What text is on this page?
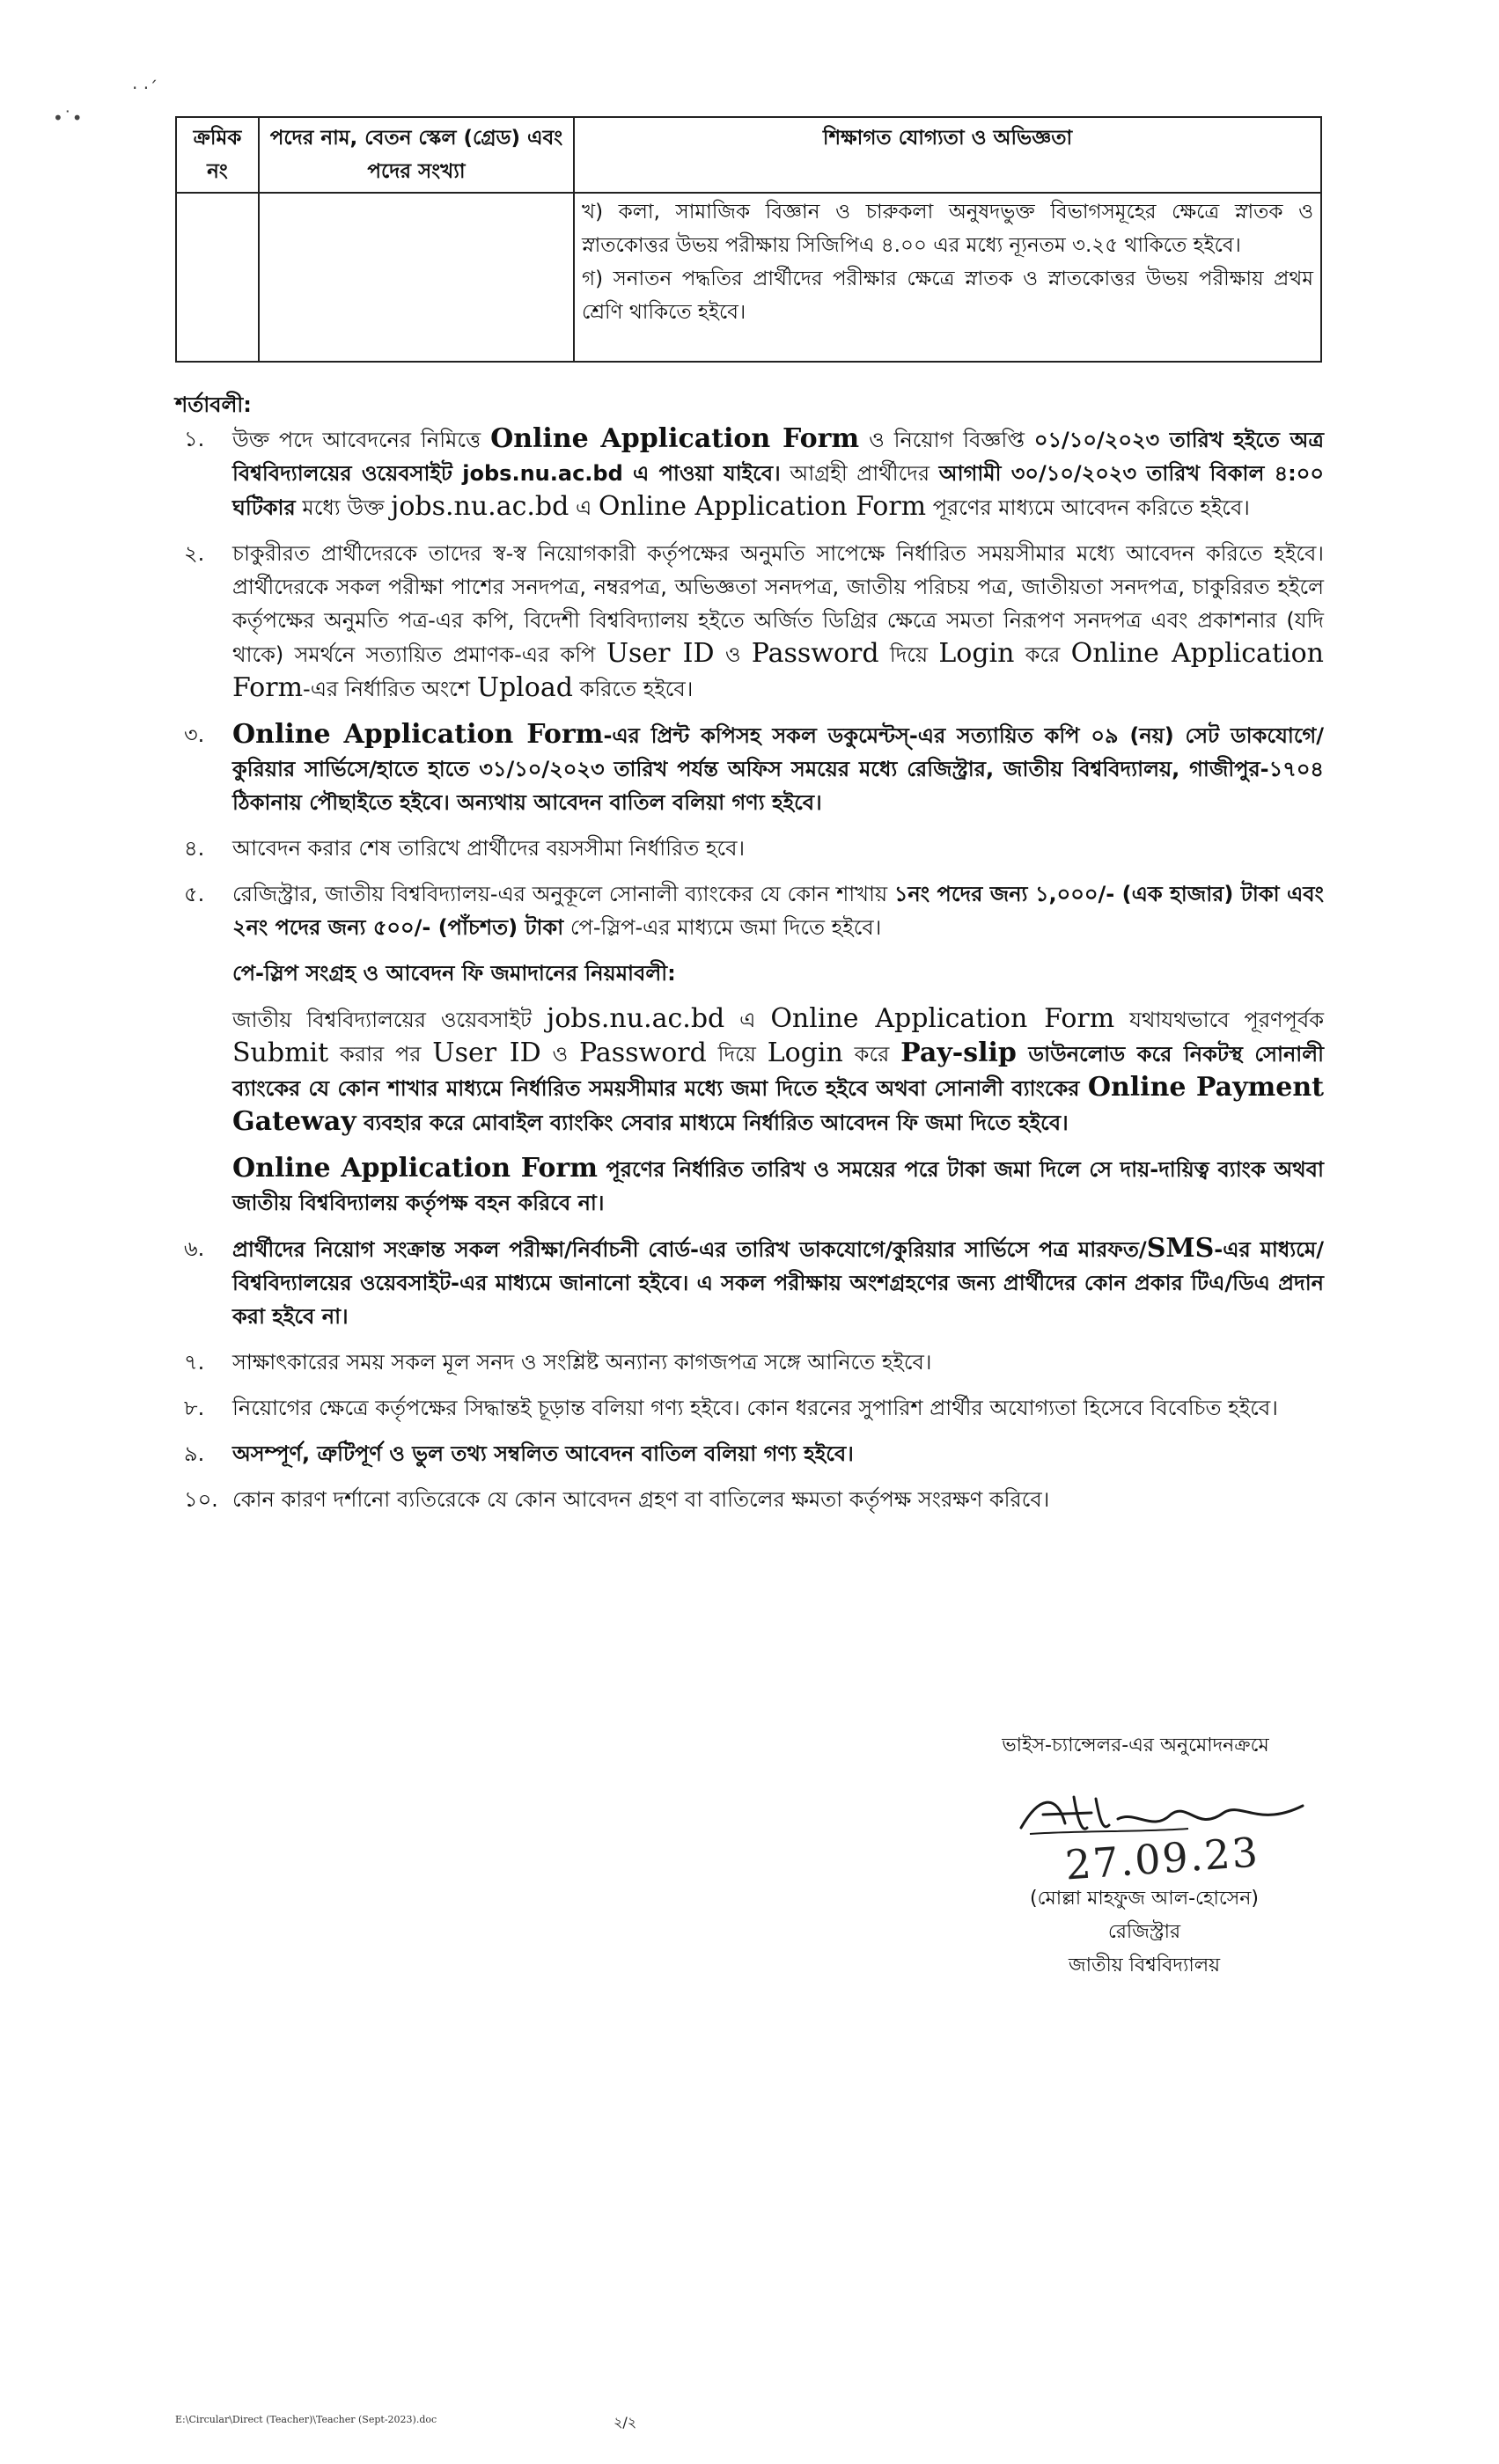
· ·´
•˙•
ক্রমিক নং	পদের নাম, বেতন স্কেল (গ্রেড) এবং পদের সংখ্যা	শিক্ষাগত যোগ্যতা ও অভিজ্ঞতা

		খ) কলা, সামাজিক বিজ্ঞান ও চারুকলা অনুষদভুক্ত বিভাগসমূহের ক্ষেত্রে স্নাতক ও স্নাতকোত্তর উভয় পরীক্ষায় সিজিপিএ ৪.০০ এর মধ্যে ন্যূনতম ৩.২৫ থাকিতে হইবে।

গ) সনাতন পদ্ধতির প্রার্থীদের পরীক্ষার ক্ষেত্রে স্নাতক ও স্নাতকোত্তর উভয় পরীক্ষায় প্রথম শ্রেণি থাকিতে হইবে।

শর্তাবলী:
১. উক্ত পদে আবেদনের নিমিত্তে Online Application Form ও নিয়োগ বিজ্ঞপ্তি ০১/১০/২০২৩ তারিখ হইতে অত্র বিশ্ববিদ্যালয়ের ওয়েবসাইট jobs.nu.ac.bd এ পাওয়া যাইবে। আগ্রহী প্রার্থীদের আগামী ৩০/১০/২০২৩ তারিখ বিকাল ৪:০০ ঘটিকার মধ্যে উক্ত jobs.nu.ac.bd এ Online Application Form পূরণের মাধ্যমে আবেদন করিতে হইবে।

২. চাকুরীরত প্রার্থীদেরকে তাদের স্ব-স্ব নিয়োগকারী কর্তৃপক্ষের অনুমতি সাপেক্ষে নির্ধারিত সময়সীমার মধ্যে আবেদন করিতে হইবে। প্রার্থীদেরকে সকল পরীক্ষা পাশের সনদপত্র, নম্বরপত্র, অভিজ্ঞতা সনদপত্র, জাতীয় পরিচয় পত্র, জাতীয়তা সনদপত্র, চাকুরিরত হইলে কর্তৃপক্ষের অনুমতি পত্র-এর কপি, বিদেশী বিশ্ববিদ্যালয় হইতে অর্জিত ডিগ্রির ক্ষেত্রে সমতা নিরূপণ সনদপত্র এবং প্রকাশনার (যদি থাকে) সমর্থনে সত্যায়িত প্রমাণক-এর কপি User ID ও Password দিয়ে Login করে Online Application Form-এর নির্ধারিত অংশে Upload করিতে হইবে।

৩. Online Application Form-এর প্রিন্ট কপিসহ সকল ডকুমেন্টস্-এর সত্যায়িত কপি ০৯ (নয়) সেট ডাকযোগে/কুরিয়ার সার্ভিসে/হাতে হাতে ৩১/১০/২০২৩ তারিখ পর্যন্ত অফিস সময়ের মধ্যে রেজিস্ট্রার, জাতীয় বিশ্ববিদ্যালয়, গাজীপুর-১৭০৪ ঠিকানায় পৌছাইতে হইবে। অন্যথায় আবেদন বাতিল বলিয়া গণ্য হইবে।

৪. আবেদন করার শেষ তারিখে প্রার্থীদের বয়সসীমা নির্ধারিত হবে।

৫. রেজিস্ট্রার, জাতীয় বিশ্ববিদ্যালয়-এর অনুকূলে সোনালী ব্যাংকের যে কোন শাখায় ১নং পদের জন্য ১,০০০/- (এক হাজার) টাকা এবং ২নং পদের জন্য ৫০০/- (পাঁচশত) টাকা পে-স্লিপ-এর মাধ্যমে জমা দিতে হইবে।

পে-স্লিপ সংগ্রহ ও আবেদন ফি জমাদানের নিয়মাবলী:

জাতীয় বিশ্ববিদ্যালয়ের ওয়েবসাইট jobs.nu.ac.bd এ Online Application Form যথাযথভাবে পূরণপূর্বক Submit করার পর User ID ও Password দিয়ে Login করে Pay-slip ডাউনলোড করে নিকটস্থ সোনালী ব্যাংকের যে কোন শাখার মাধ্যমে নির্ধারিত সময়সীমার মধ্যে জমা দিতে হইবে অথবা সোনালী ব্যাংকের Online Payment Gateway ব্যবহার করে মোবাইল ব্যাংকিং সেবার মাধ্যমে নির্ধারিত আবেদন ফি জমা দিতে হইবে।

Online Application Form পূরণের নির্ধারিত তারিখ ও সময়ের পরে টাকা জমা দিলে সে দায়-দায়িত্ব ব্যাংক অথবা জাতীয় বিশ্ববিদ্যালয় কর্তৃপক্ষ বহন করিবে না।

৬. প্রার্থীদের নিয়োগ সংক্রান্ত সকল পরীক্ষা/নির্বাচনী বোর্ড-এর তারিখ ডাকযোগে/কুরিয়ার সার্ভিসে পত্র মারফত/SMS-এর মাধ্যমে/বিশ্ববিদ্যালয়ের ওয়েবসাইট-এর মাধ্যমে জানানো হইবে। এ সকল পরীক্ষায় অংশগ্রহণের জন্য প্রার্থীদের কোন প্রকার টিএ/ডিএ প্রদান করা হইবে না।

৭. সাক্ষাৎকারের সময় সকল মূল সনদ ও সংশ্লিষ্ট অন্যান্য কাগজপত্র সঙ্গে আনিতে হইবে।

৮. নিয়োগের ক্ষেত্রে কর্তৃপক্ষের সিদ্ধান্তই চূড়ান্ত বলিয়া গণ্য হইবে। কোন ধরনের সুপারিশ প্রার্থীর অযোগ্যতা হিসেবে বিবেচিত হইবে।

৯. অসম্পূর্ণ, ত্রুটিপূর্ণ ও ভুল তথ্য সম্বলিত আবেদন বাতিল বলিয়া গণ্য হইবে।

১০. কোন কারণ দর্শানো ব্যতিরেকে যে কোন আবেদন গ্রহণ বা বাতিলের ক্ষমতা কর্তৃপক্ষ সংরক্ষণ করিবে।

ভাইস-চ্যান্সেলর-এর অনুমোদনক্রমে
27.09.23
(মোল্লা মাহফুজ আল-হোসেন)
রেজিস্ট্রার
জাতীয় বিশ্ববিদ্যালয়
E:\Circular\Direct (Teacher)\Teacher (Sept-2023).doc	২/২
